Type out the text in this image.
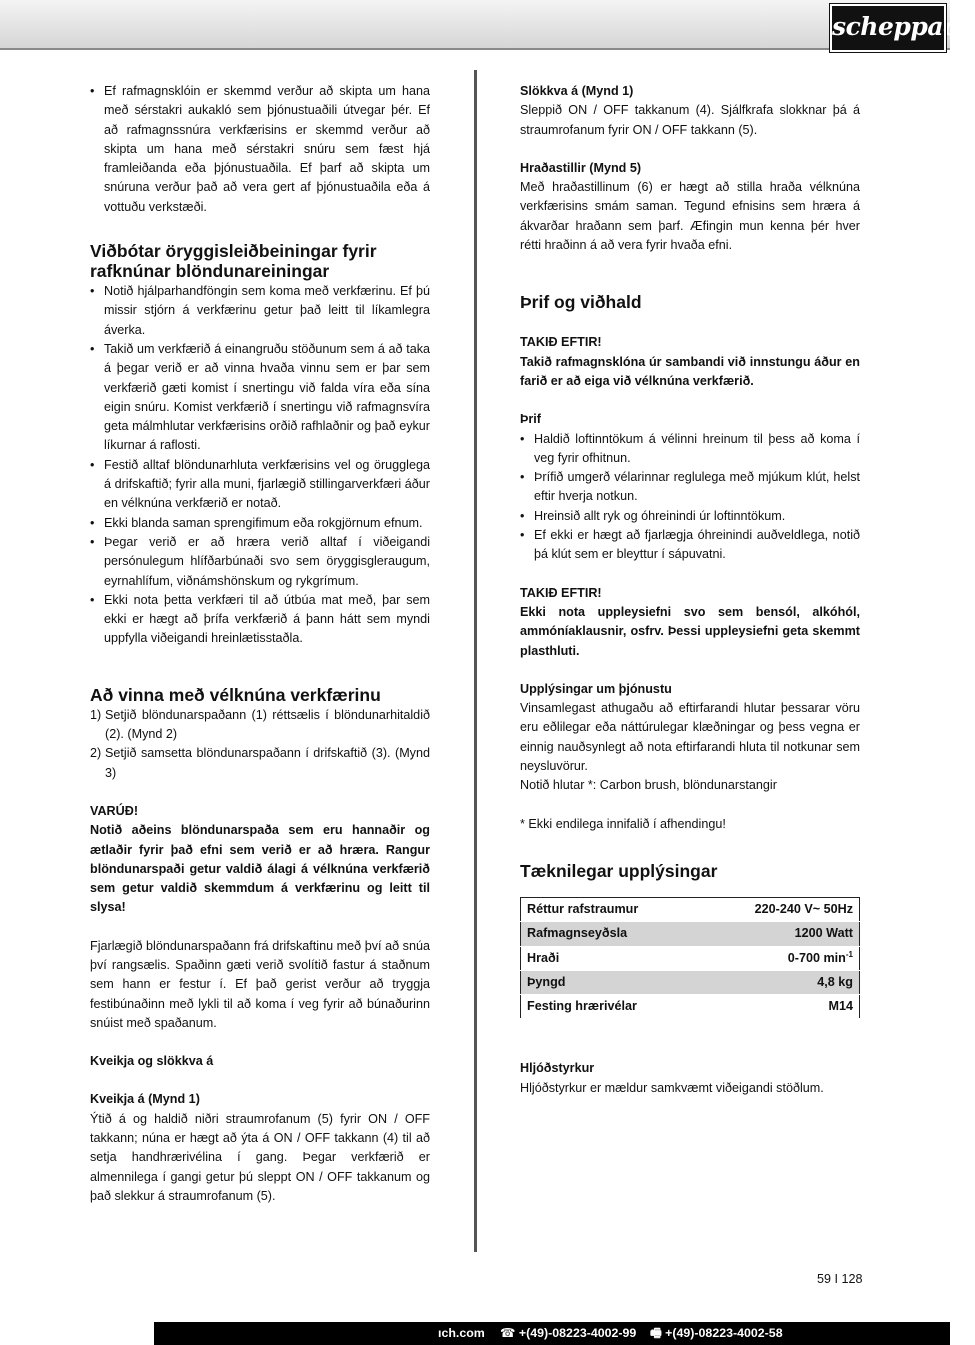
scheppach
• Ef rafmagnsklóin er skemmd verður að skipta um hana með sérstakri aukakló sem þjónustuaðili útvegar þér. Ef að rafmagnssnúra verkfærisins er skemmd verður að skipta um hana með sérstakri snúru sem fæst hjá framleiðanda eða þjónustuaðila. Ef þarf að skipta um snúruna verður það að vera gert af þjónustuaðila eða á vottuðu verkstæði.
Viðbótar öryggisleiðbeiningar fyrir rafknúnar blöndunareiningar
• Notið hjálparhandföngin sem koma með verkfærinu. Ef þú missir stjórn á verkfærinu getur það leitt til líkamlegra áverka.
• Takið um verkfærið á einangruðu stöðunum sem á að taka á þegar verið er að vinna hvaða vinnu sem er þar sem verkfærið gæti komist í snertingu við falda víra eða sína eigin snúru. Komist verkfærið í snertingu við rafmagnsvíra geta málmhlutar verkfærisins orðið rafhlaðnir og það eykur líkurnar á raflosti.
• Festið alltaf blöndunarhluta verkfærisins vel og örugglega á drifskaftið; fyrir alla muni, fjarlægið stillingarverkfæri áður en vélknúna verkfærið er notað.
• Ekki blanda saman sprengifimum eða rokgjörnum efnum.
• Þegar verið er að hræra verið alltaf í viðeigandi persónulegum hlífðarbúnaði svo sem öryggisgleraugum, eyrnahlífum, viðnámshönskum og rykgrímum.
• Ekki nota þetta verkfæri til að útbúa mat með, þar sem ekki er hægt að þrífa verkfærið á þann hátt sem myndi uppfylla viðeigandi hreinlætisstaðla.
Að vinna með vélknúna verkfærinu
1) Setjið blöndunarspaðann (1) réttsælis í blöndunarhitaldið (2). (Mynd 2)
2) Setjið samsetta blöndunarspaðann í drifskaftið (3). (Mynd 3)

VARÚÐ!

Notið aðeins blöndunarspaða sem eru hannaðir og ætlaðir fyrir það efni sem verið er að hræra. Rangur blöndunarspaði getur valdið álagi á vélknúna verkfærið sem getur valdið skemmdum á verkfærinu og leitt til slysa!

Fjarlægið blöndunarspaðann frá drifskaftinu með því að snúa því rangsælis. Spaðinn gæti verið svolítið fastur á staðnum sem hann er festur í. Ef það gerist verður að tryggja festibúnaðinn með lykli til að koma í veg fyrir að búnaðurinn snúist með spaðanum.

Kveikja og slökkva á

Kveikja á (Mynd 1)

Ýtið á og haldið niðri straumrofanum (5) fyrir ON / OFF takkann; núna er hægt að ýta á ON / OFF takkann (4) til að setja handhrærivélina í gang. Þegar verkfærið er almennilega í gangi getur þú sleppt ON / OFF takkanum og það slekkur á straumrofanum (5).

Slökkva á (Mynd 1)

Sleppið ON / OFF takkanum (4). Sjálfkrafa slokknar þá á straumrofanum fyrir ON / OFF takkann (5).

Hraðastillir (Mynd 5)

Með hraðastillinum (6) er hægt að stilla hraða vélknúna verkfærisins smám saman. Tegund efnisins sem hræra á ákvarðar hraðann sem þarf. Æfingin mun kenna þér hver rétti hraðinn á að vera fyrir hvaða efni.

Þrif og viðhald

TAKIÐ EFTIR!

Takið rafmagnsklóna úr sambandi við innstungu áður en farið er að eiga við vélknúna verkfærið.

Þrif

• Haldið loftinntökum á vélinni hreinum til þess að koma í veg fyrir ofhitnun.
• Þrífið umgerð vélarinnar reglulega með mjúkum klút, helst eftir hverja notkun.
• Hreinsið allt ryk og óhreinindi úr loftinntökum.
• Ef ekki er hægt að fjarlægja óhreinindi auðveldlega, notið þá klút sem er bleyttur í sápuvatni.

TAKIÐ EFTIR!

Ekki nota uppleysiefni svo sem bensól, alkóhól, ammóníaklausnir, osfrv. Þessi uppleysiefni geta skemmt plasthluti.

Upplýsingar um þjónustu

Vinsamlegast athugaðu að eftirfarandi hlutar þessarar vöru eru eðlilegar eða náttúrulegar klæðningar og þess vegna er einnig nauðsynlegt að nota eftirfarandi hluta til notkunar sem neysluvörur.

Notið hlutar *: Carbon brush, blöndunarstangir

* Ekki endilega innifalið í afhendingu!

Tæknilegar upplýsingar
Réttur rafstraumur	220-240 V~ 50Hz
Rafmagnseyðsla	1200 Watt
Hraði	0-700 $\min^{-1}$
Þyngd	4,8 kg
Festing hrærivélar	M14

Hljóðstyrkur

Hljóðstyrkur er mældur samkvæmt viðeigandi stöðlum.

59 I 128
ıch.com ☎ +(49)-08223-4002-99 🖷 +(49)-08223-4002-58
